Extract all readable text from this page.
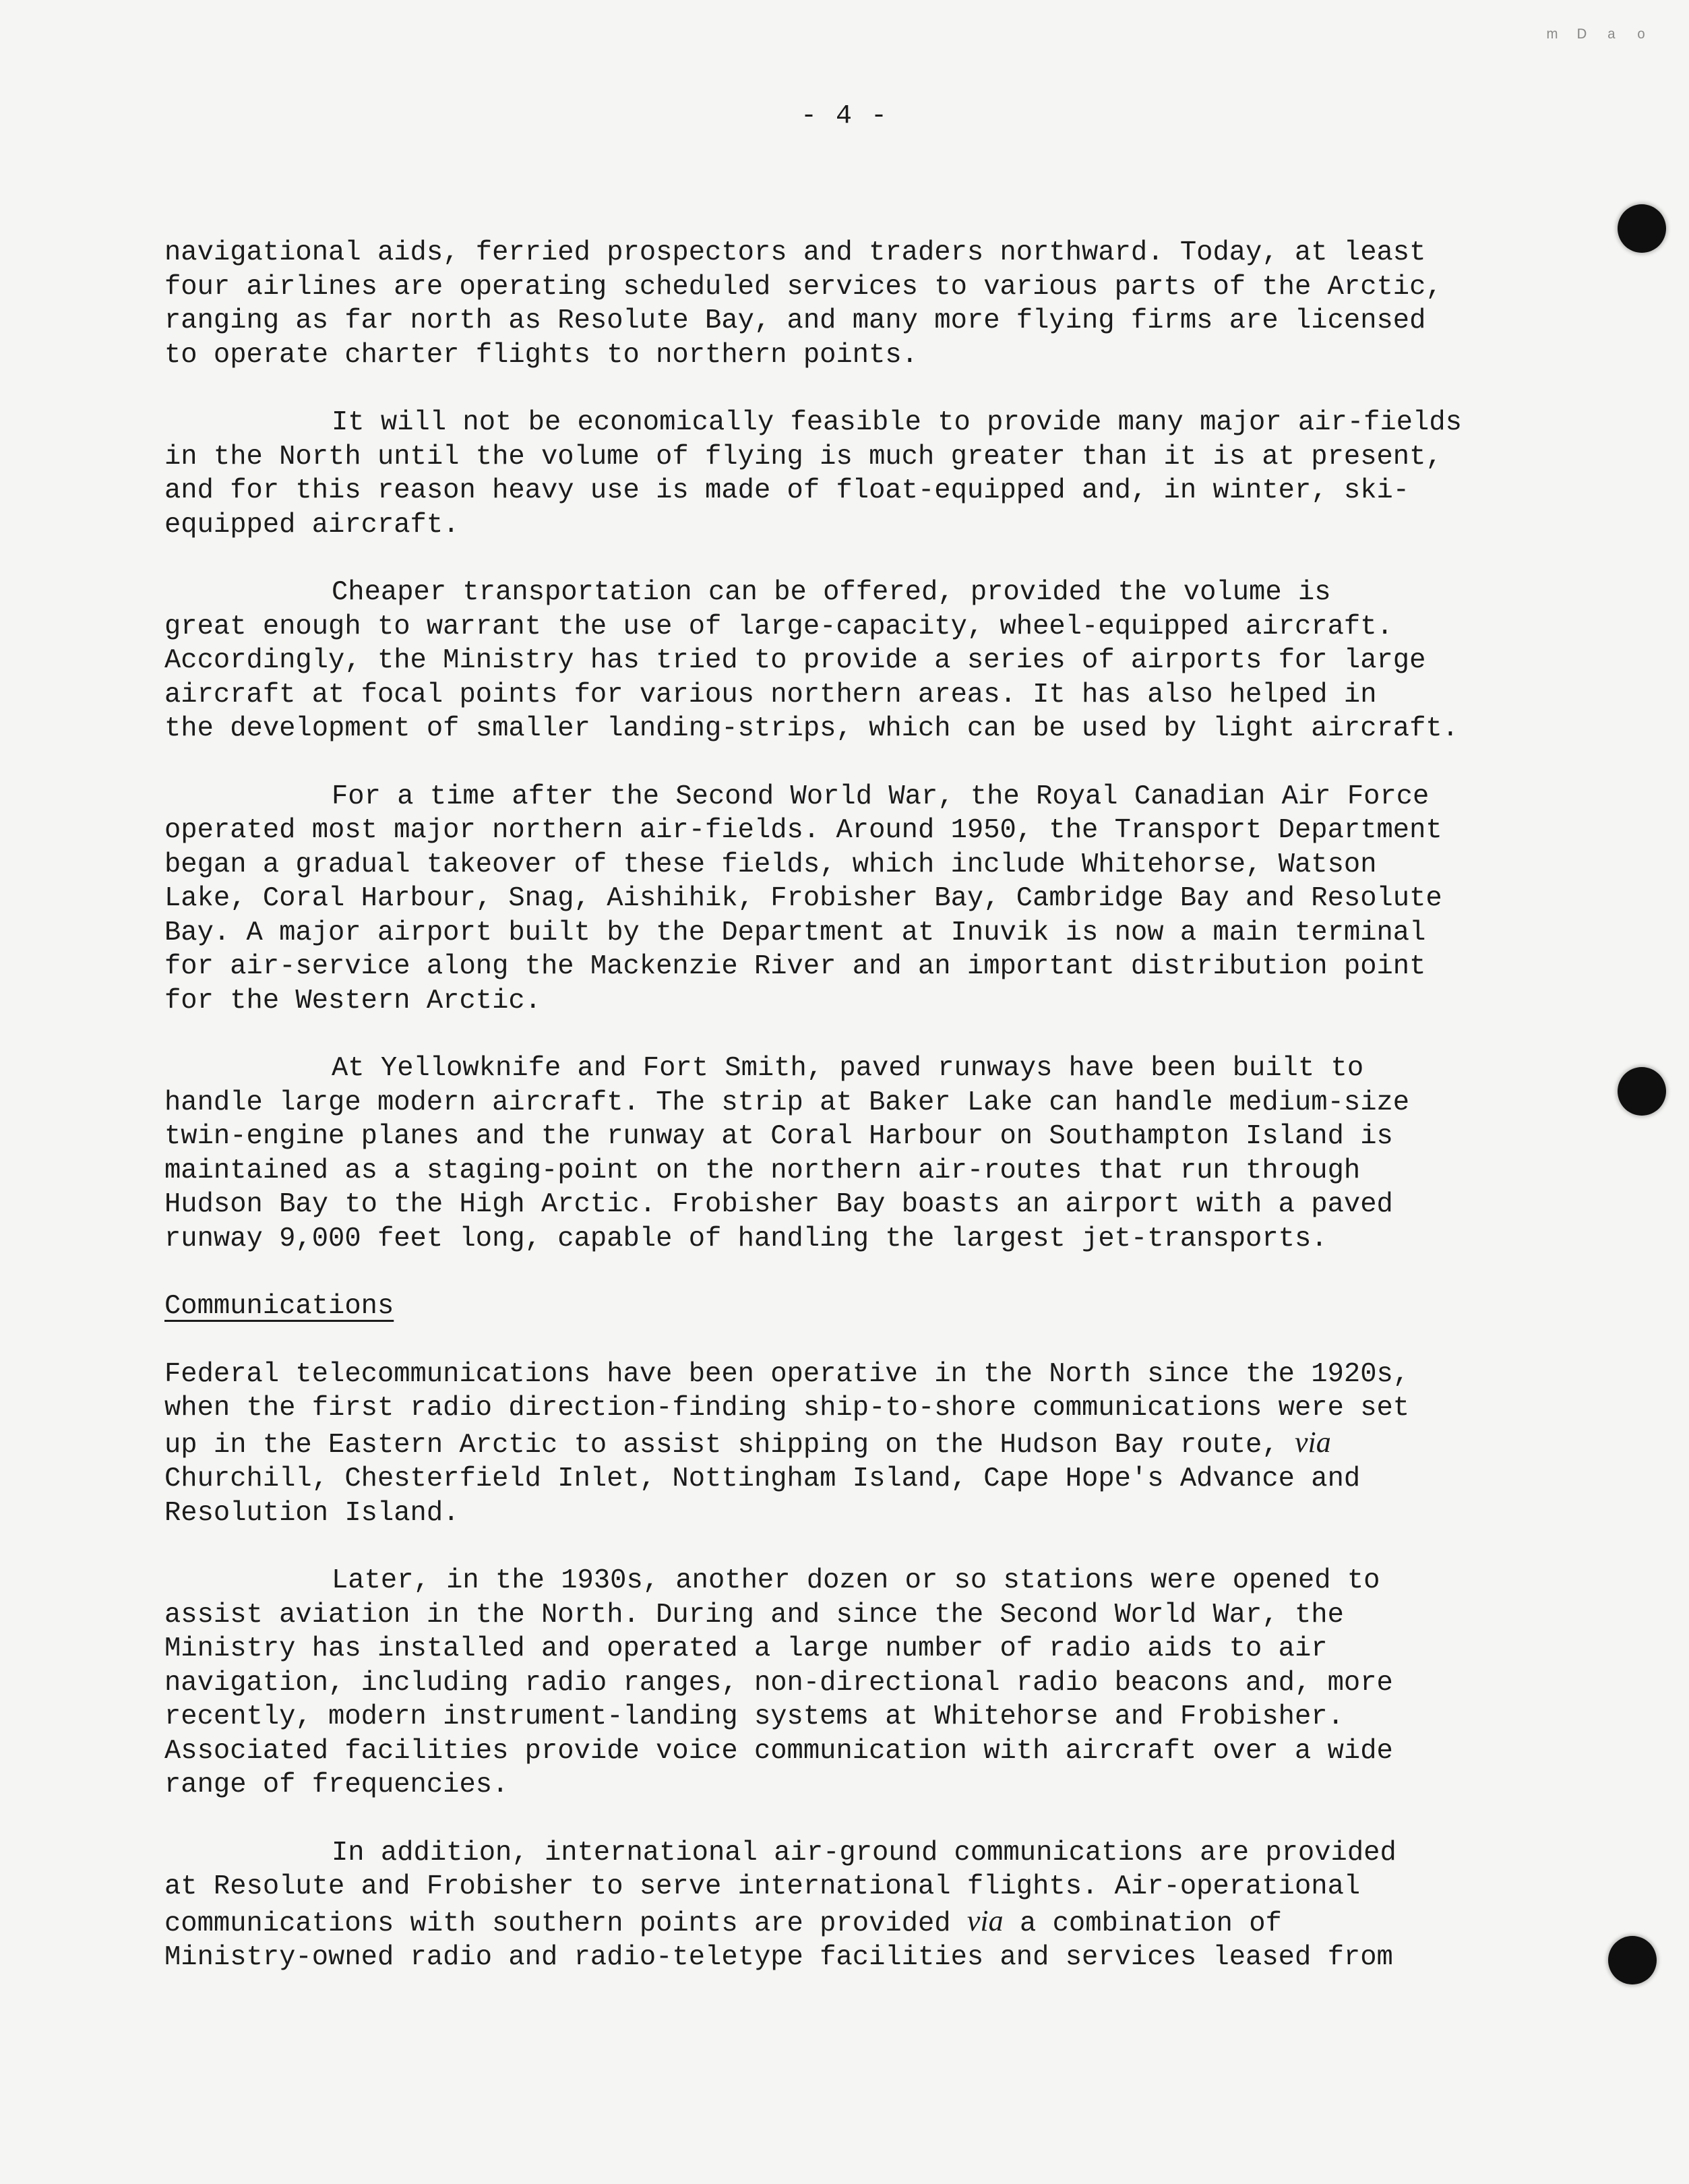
ᵐ ᴰ ᵃ ᵒ
- 4 -

navigational aids, ferried prospectors and traders northward. Today, at least
four airlines are operating scheduled services to various parts of the Arctic,
ranging as far north as Resolute Bay, and many more flying firms are licensed
to operate charter flights to northern points.

It will not be economically feasible to provide many major air-fields
in the North until the volume of flying is much greater than it is at present,
and for this reason heavy use is made of float-equipped and, in winter, ski-
equipped aircraft.

Cheaper transportation can be offered, provided the volume is
great enough to warrant the use of large-capacity, wheel-equipped aircraft.
Accordingly, the Ministry has tried to provide a series of airports for large
aircraft at focal points for various northern areas. It has also helped in
the development of smaller landing-strips, which can be used by light aircraft.

For a time after the Second World War, the Royal Canadian Air Force
operated most major northern air-fields. Around 1950, the Transport Department
began a gradual takeover of these fields, which include Whitehorse, Watson
Lake, Coral Harbour, Snag, Aishihik, Frobisher Bay, Cambridge Bay and Resolute
Bay. A major airport built by the Department at Inuvik is now a main terminal
for air-service along the Mackenzie River and an important distribution point
for the Western Arctic.

At Yellowknife and Fort Smith, paved runways have been built to
handle large modern aircraft. The strip at Baker Lake can handle medium-size
twin-engine planes and the runway at Coral Harbour on Southampton Island is
maintained as a staging-point on the northern air-routes that run through
Hudson Bay to the High Arctic. Frobisher Bay boasts an airport with a paved
runway 9,000 feet long, capable of handling the largest jet-transports.

Communications

Federal telecommunications have been operative in the North since the 1920s,
when the first radio direction-finding ship-to-shore communications were set
up in the Eastern Arctic to assist shipping on the Hudson Bay route, via
Churchill, Chesterfield Inlet, Nottingham Island, Cape Hope's Advance and
Resolution Island.

Later, in the 1930s, another dozen or so stations were opened to
assist aviation in the North. During and since the Second World War, the
Ministry has installed and operated a large number of radio aids to air
navigation, including radio ranges, non-directional radio beacons and, more
recently, modern instrument-landing systems at Whitehorse and Frobisher.
Associated facilities provide voice communication with aircraft over a wide
range of frequencies.

In addition, international air-ground communications are provided
at Resolute and Frobisher to serve international flights. Air-operational
communications with southern points are provided via a combination of
Ministry-owned radio and radio-teletype facilities and services leased from
